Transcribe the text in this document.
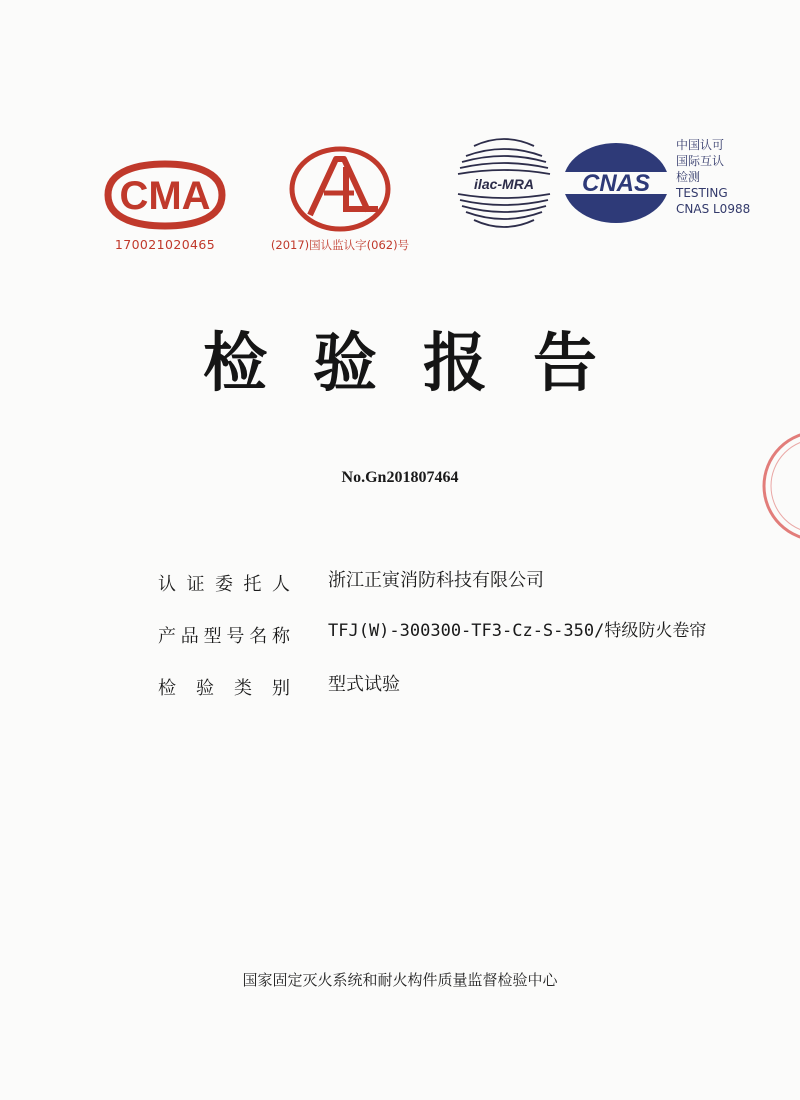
CMA
170021020465	(2017)国认监认字(062)号
ilac-MRA CNAS
中国认可
国际互认
检测
TESTING
CNAS L0988
检验报告
No.Gn201807464
认证委托人 浙江正寅消防科技有限公司
产品型号名称 TFJ(W)-300300-TF3-Cz-S-350/特级防火卷帘
检验类别 型式试验
国家固定灭火系统和耐火构件质量监督检验中心
